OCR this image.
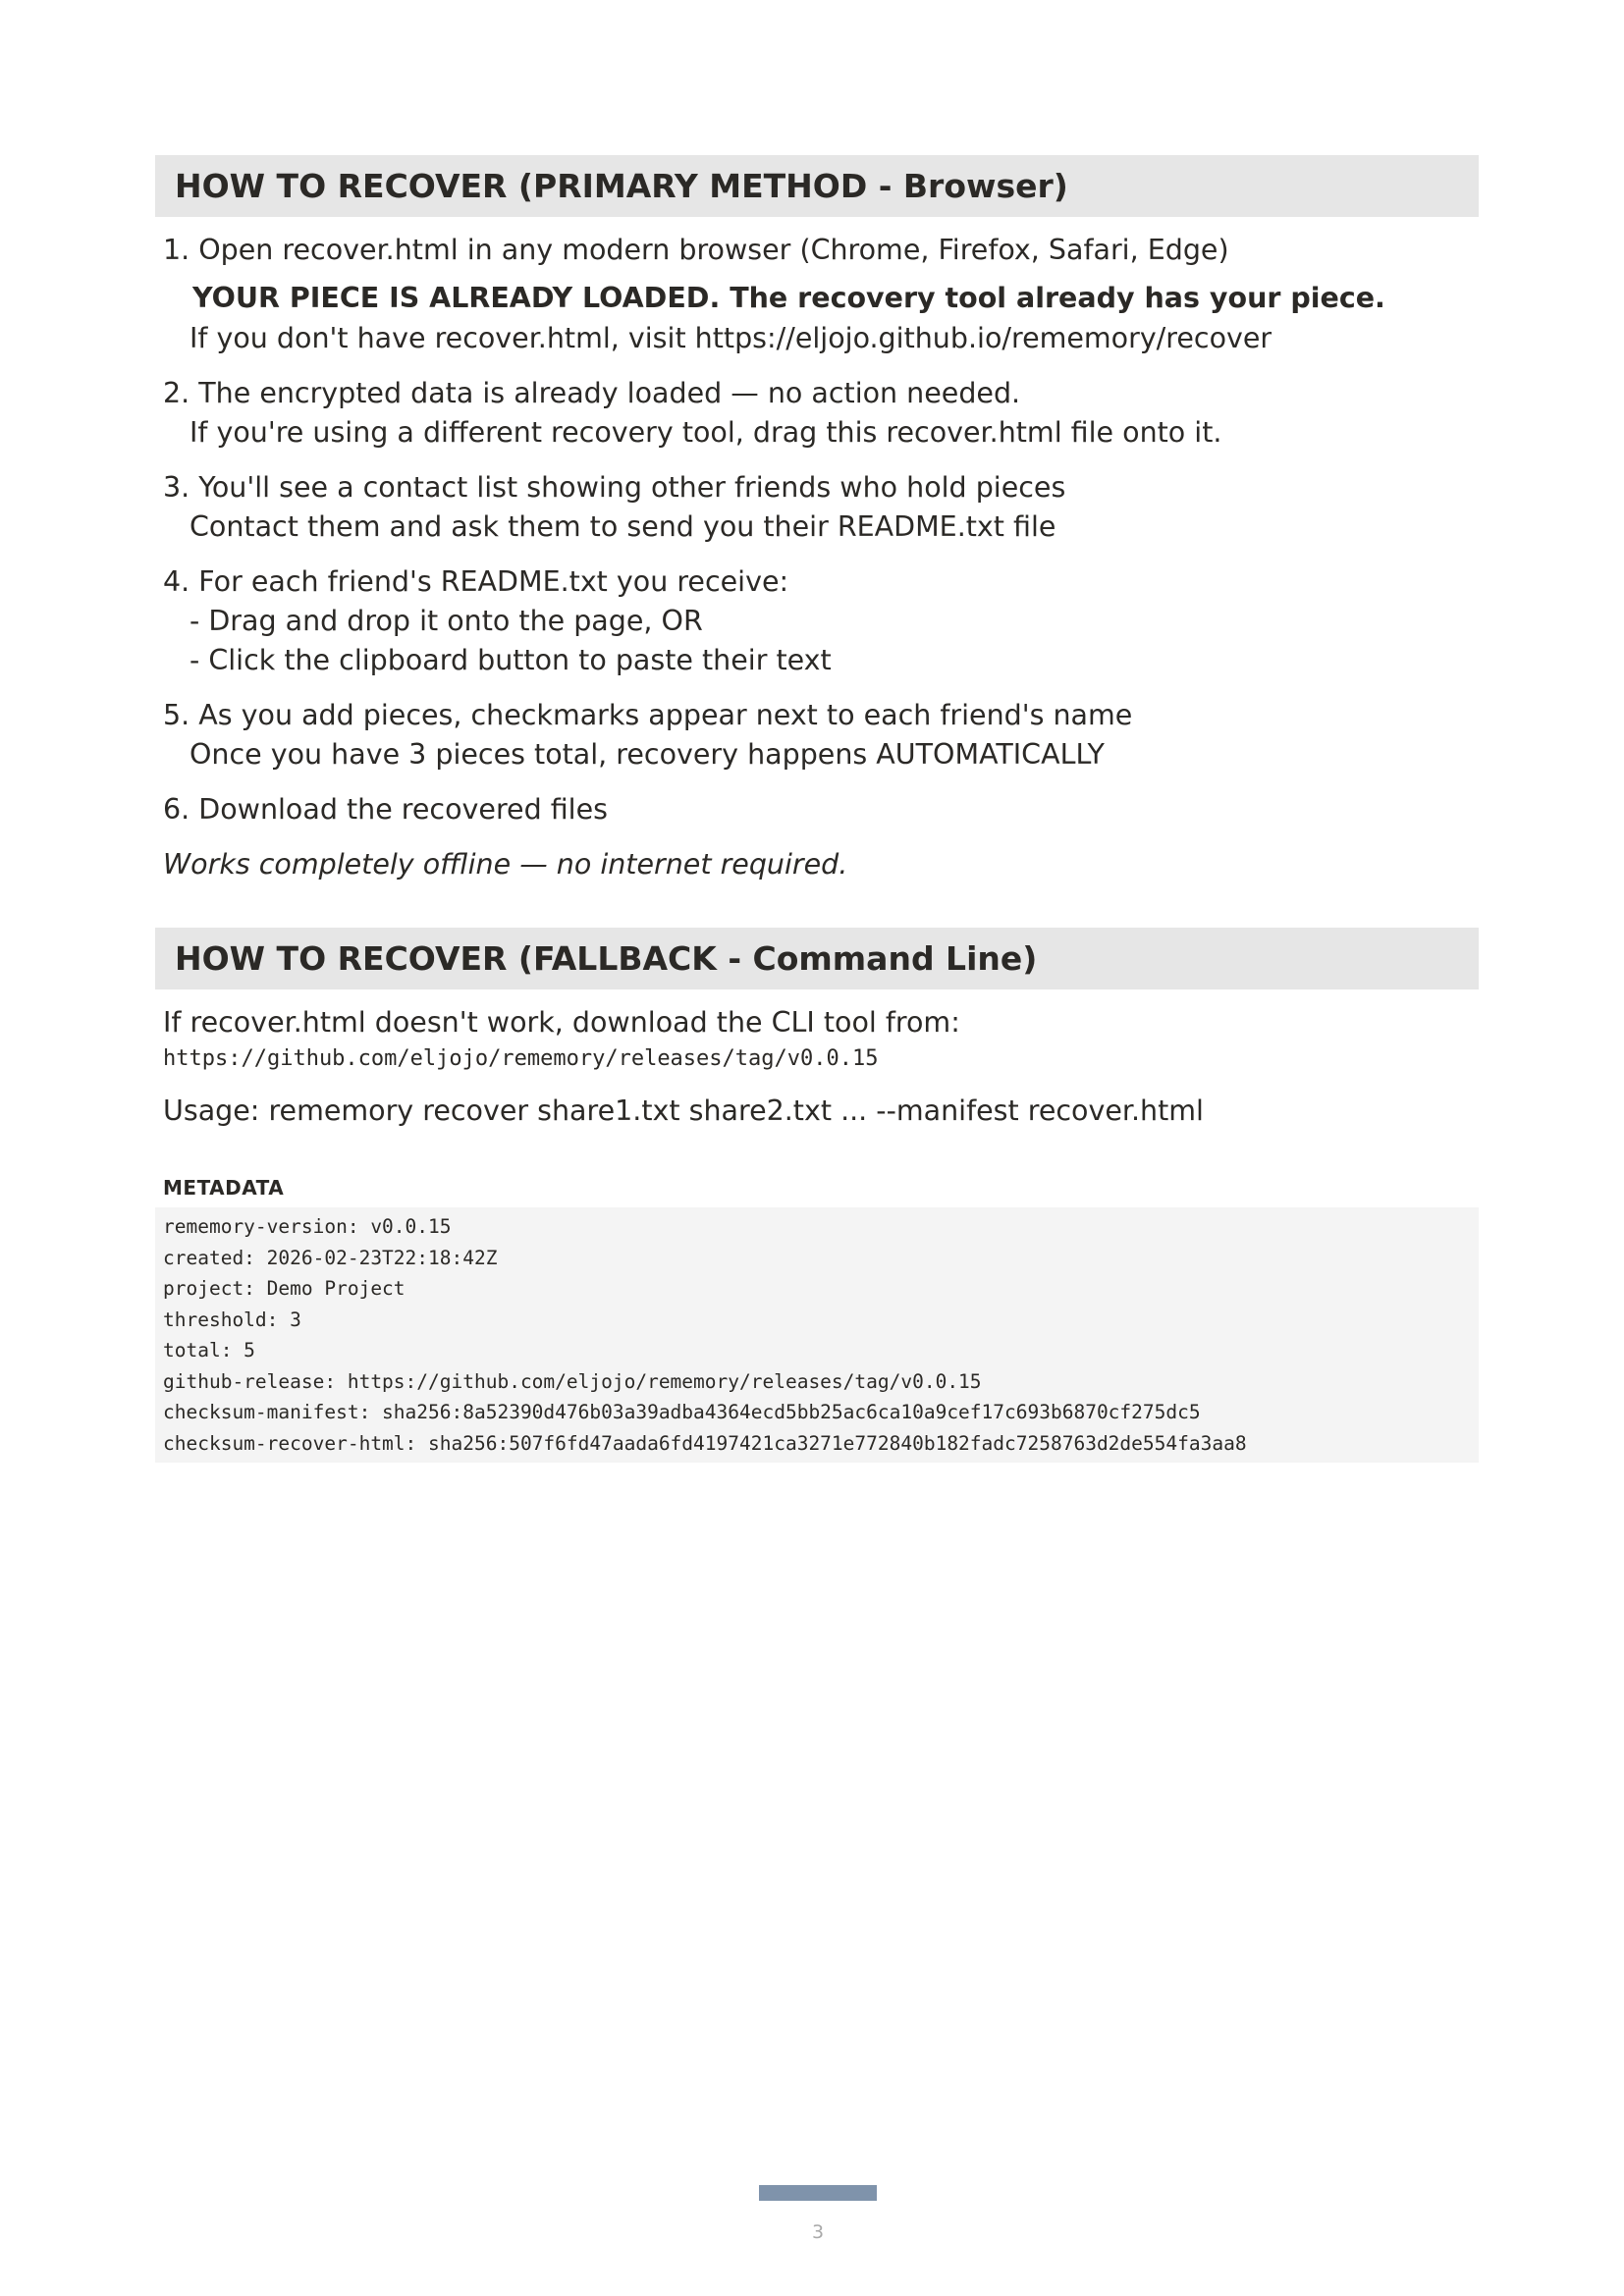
HOW TO RECOVER (PRIMARY METHOD - Browser)
1. Open recover.html in any modern browser (Chrome, Firefox, Safari, Edge)
YOUR PIECE IS ALREADY LOADED. The recovery tool already has your piece.
If you don't have recover.html, visit https://eljojo.github.io/rememory/recover
2. The encrypted data is already loaded — no action needed.
If you're using a different recovery tool, drag this recover.html file onto it.
3. You'll see a contact list showing other friends who hold pieces
Contact them and ask them to send you their README.txt file
4. For each friend's README.txt you receive:
- Drag and drop it onto the page, OR
- Click the clipboard button to paste their text
5. As you add pieces, checkmarks appear next to each friend's name
Once you have 3 pieces total, recovery happens AUTOMATICALLY
6. Download the recovered files
Works completely offline — no internet required.
HOW TO RECOVER (FALLBACK - Command Line)
If recover.html doesn't work, download the CLI tool from:
https://github.com/eljojo/rememory/releases/tag/v0.0.15
Usage: rememory recover share1.txt share2.txt ... --manifest recover.html
METADATA
rememory-version: v0.0.15
created: 2026-02-23T22:18:42Z
project: Demo Project
threshold: 3
total: 5
github-release: https://github.com/eljojo/rememory/releases/tag/v0.0.15
checksum-manifest: sha256:8a52390d476b03a39adba4364ecd5bb25ac6ca10a9cef17c693b6870cf275dc5
checksum-recover-html: sha256:507f6fd47aada6fd4197421ca3271e772840b182fadc7258763d2de554fa3aa8
3
